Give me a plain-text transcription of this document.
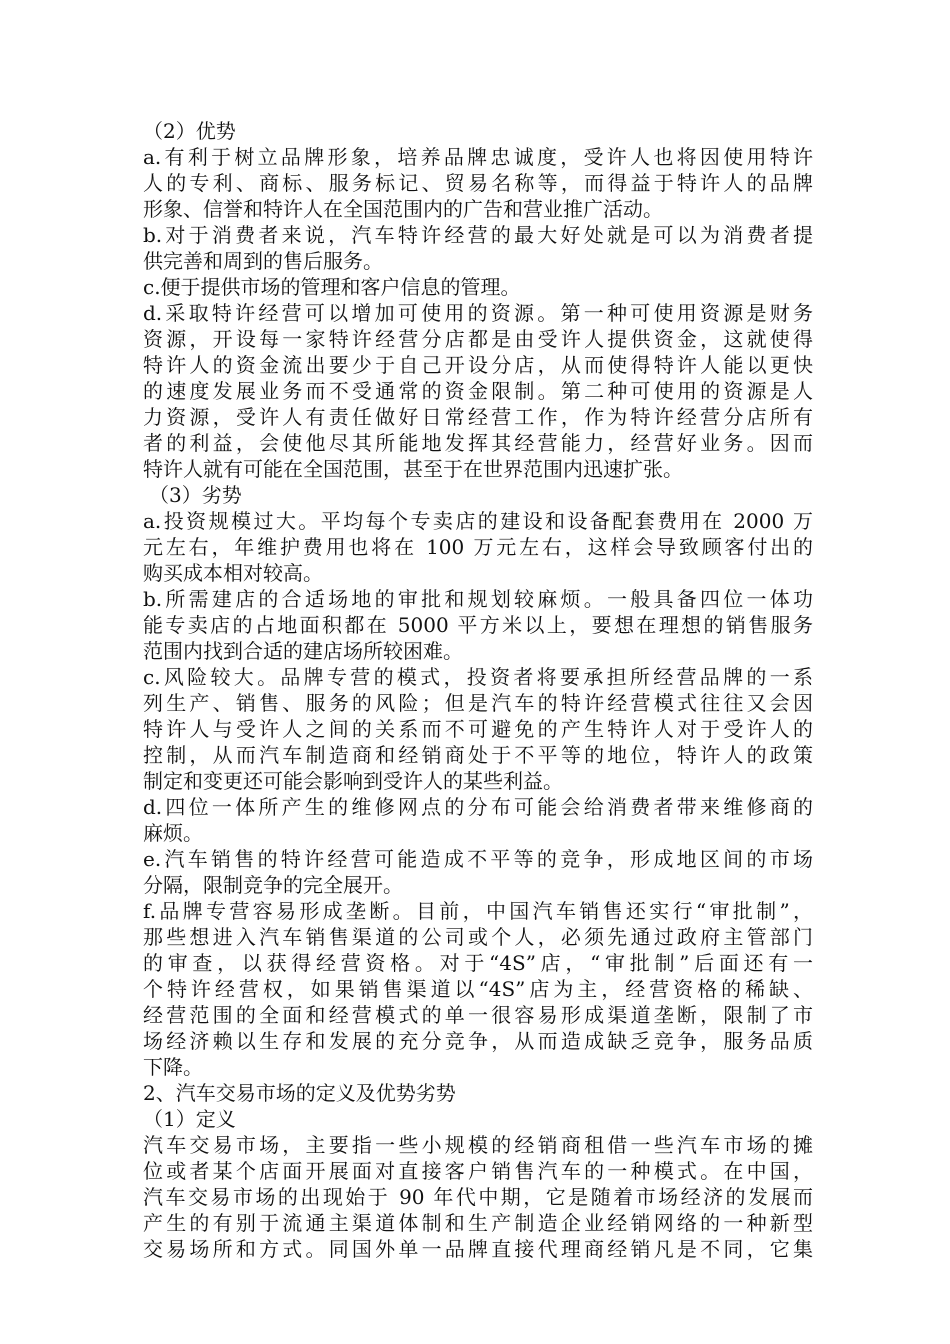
（2）优势
a.有利于树立品牌形象，培养品牌忠诚度，受许人也将因使用特许
人的专利、商标、服务标记、贸易名称等，而得益于特许人的品牌
形象、信誉和特许人在全国范围内的广告和营业推广活动。
b.对于消费者来说，汽车特许经营的最大好处就是可以为消费者提
供完善和周到的售后服务。
c.便于提供市场的管理和客户信息的管理。
d.采取特许经营可以增加可使用的资源。第一种可使用资源是财务
资源，开设每一家特许经营分店都是由受许人提供资金，这就使得
特许人的资金流出要少于自己开设分店，从而使得特许人能以更快
的速度发展业务而不受通常的资金限制。第二种可使用的资源是人
力资源，受许人有责任做好日常经营工作，作为特许经营分店所有
者的利益，会使他尽其所能地发挥其经营能力，经营好业务。因而
特许人就有可能在全国范围，甚至于在世界范围内迅速扩张。
（3）劣势
a.投资规模过大。平均每个专卖店的建设和设备配套费用在 2000 万
元左右，年维护费用也将在 100 万元左右，这样会导致顾客付出的
购买成本相对较高。
b.所需建店的合适场地的审批和规划较麻烦。一般具备四位一体功
能专卖店的占地面积都在 5000 平方米以上，要想在理想的销售服务
范围内找到合适的建店场所较困难。
c.风险较大。品牌专营的模式，投资者将要承担所经营品牌的一系
列生产、销售、服务的风险；但是汽车的特许经营模式往往又会因
特许人与受许人之间的关系而不可避免的产生特许人对于受许人的
控制，从而汽车制造商和经销商处于不平等的地位，特许人的政策
制定和变更还可能会影响到受许人的某些利益。
d.四位一体所产生的维修网点的分布可能会给消费者带来维修商的
麻烦。
e.汽车销售的特许经营可能造成不平等的竞争，形成地区间的市场
分隔，限制竞争的完全展开。
f.品牌专营容易形成垄断。目前，中国汽车销售还实行“审批制”，
那些想进入汽车销售渠道的公司或个人，必须先通过政府主管部门
的审查，以获得经营资格。对于“4S”店，“审批制”后面还有一
个特许经营权，如果销售渠道以“4S”店为主，经营资格的稀缺、
经营范围的全面和经营模式的单一很容易形成渠道垄断，限制了市
场经济赖以生存和发展的充分竞争，从而造成缺乏竞争，服务品质
下降。
2、汽车交易市场的定义及优势劣势
（1）定义
汽车交易市场，主要指一些小规模的经销商租借一些汽车市场的摊
位或者某个店面开展面对直接客户销售汽车的一种模式。在中国，
汽车交易市场的出现始于 90 年代中期，它是随着市场经济的发展而
产生的有别于流通主渠道体制和生产制造企业经销网络的一种新型
交易场所和方式。同国外单一品牌直接代理商经销凡是不同，它集
